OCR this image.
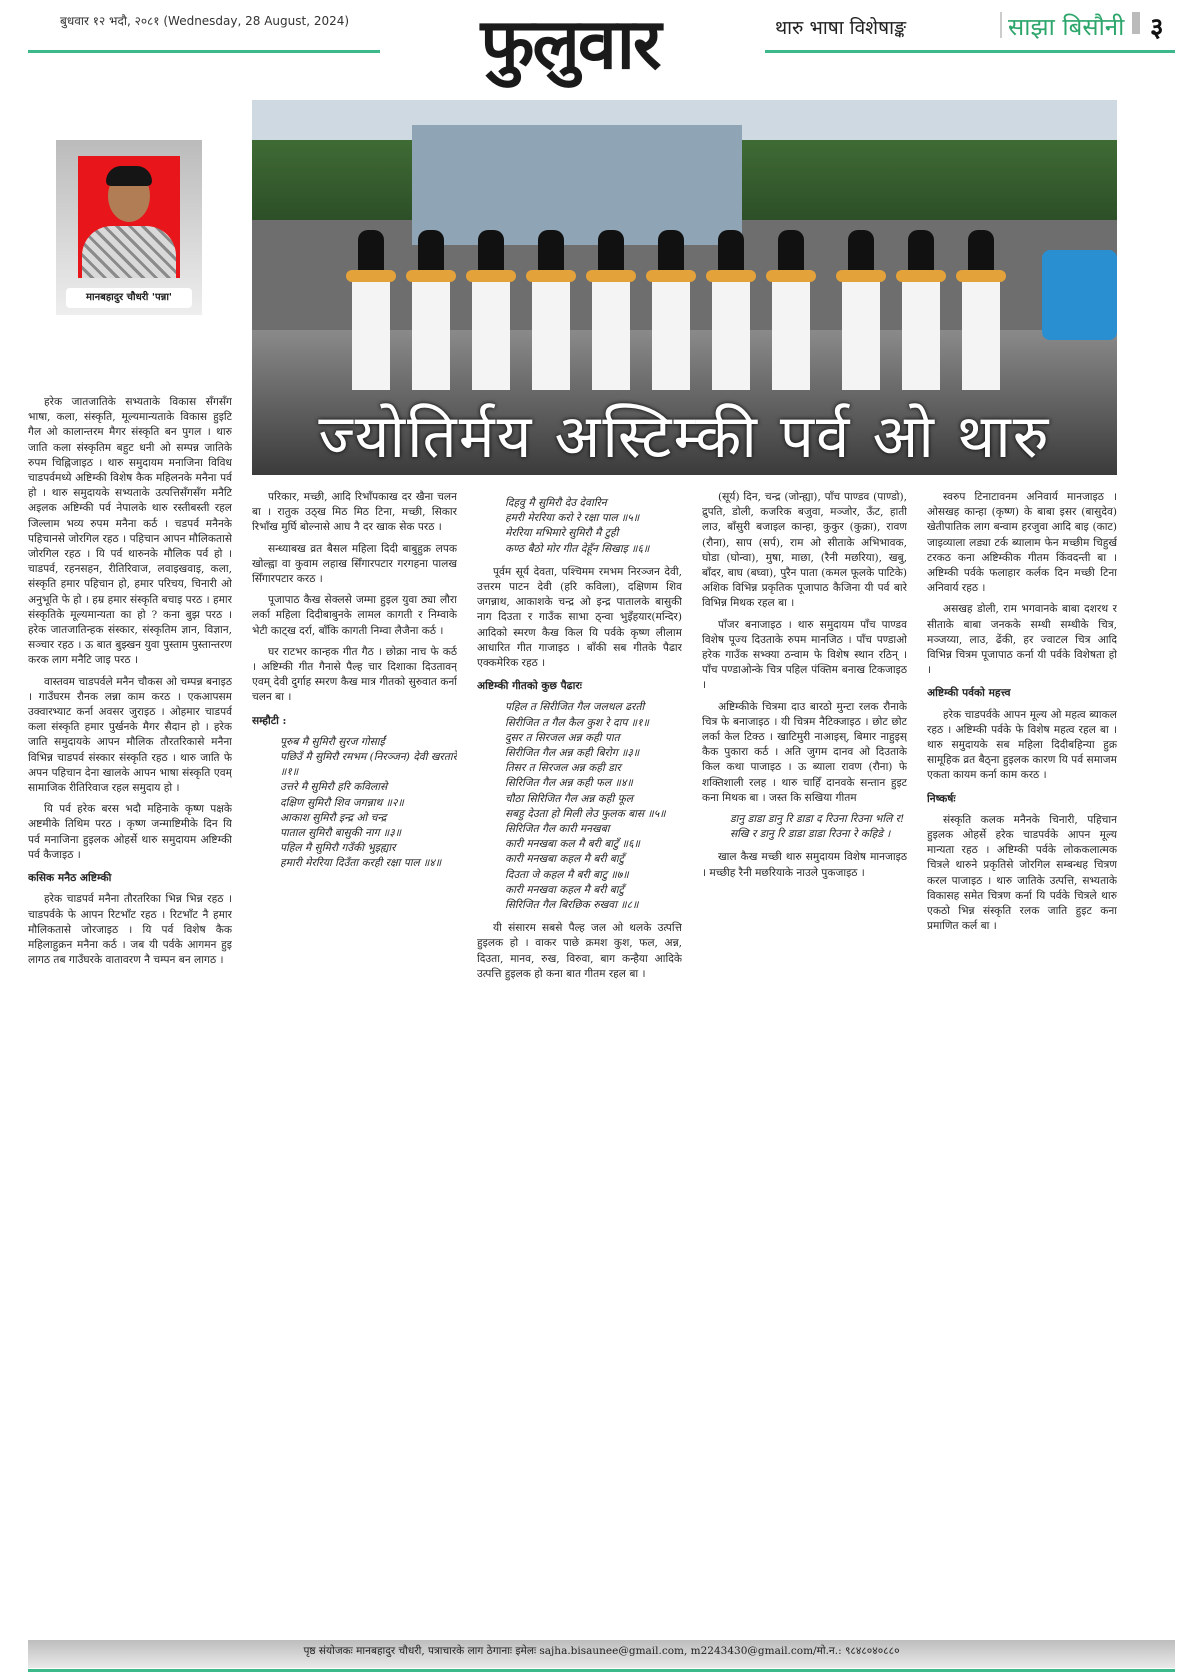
बुधवार १२ भदौ, २०८१ (Wednesday, 28 August, 2024)	फुलुवार	थारु भाषा विशेषाङ्क	साझा बिसौनी ३
मानबहादुर चौधरी 'पन्ना'
ज्योतिर्मय अस्टिम्की पर्व ओ थारु

हरेक जातजातिके सभ्यताके विकास सँगसँग भाषा, कला, संस्कृति, मूल्यमान्यताके विकास हुइटि गैल ओ कालान्तरम मैगर संस्कृति बन पुगल । थारु जाति कला संस्कृतिम बहुट धनी ओ सम्पन्न जातिके रुपम चिह्निजाइठ । थारु समुदायम मनाजिना विविध चाडपर्वमध्ये अष्टिम्की विशेष कैक महिलनके मनैना पर्व हो । थारु समुदायके सभ्यताके उत्पत्तिसँगसँग मनैटि अइलक अष्टिम्की पर्व नेपालके थारु रस्तीबस्ती रहल जिल्लाम भव्य रुपम मनैना कर्ठ । चडपर्व मनैनके पहिचानसे जोरगिल रहठ । पहिचान आपन मौलिकतासे जोरगिल रहठ । यि पर्व थारुनके मौलिक पर्व हो । चाडपर्व, रहनसहन, रीतिरिवाज, लवाइखवाइ, कला, संस्कृति हमार पहिचान हो, हमार परिचय, चिनारी ओ अनुभूति फे हो । हम्र हमार संस्कृति बचाइ परठ । हमार संस्कृतिके मूल्यमान्यता का हो ? कना बुझ परठ । हरेक जातजातिन्हक संस्कार, संस्कृतिम ज्ञान, विज्ञान, सञ्चार रहठ । ऊ बात बुझ्खन युवा पुस्ताम पुस्तान्तरण करक लाग मनैटि जाइ परठ ।

वास्तवम चाडपर्वले मनैन चौकस ओ चम्पन्न बनाइठ । गाउँघरम रौनक लन्ना काम करठ । एकआपसम उक्वारभ्याट कर्ना अवसर जुराइठ । ओहमार चाडपर्व कला संस्कृति हमार पुर्खनके मैगर सैदान हो । हरेक जाति समुदायके आपन मौलिक तौरतरिकासे मनैना विभिन्न चाडपर्व संस्कार संस्कृति रहठ । थारु जाति फे अपन पहिचान देना खालके आपन भाषा संस्कृति एवम् सामाजिक रीतिरिवाज रहल समुदाय हो ।

यि पर्व हरेक बरस भदौ महिनाके कृष्ण पक्षके अष्टमीके तिथिम परठ । कृष्ण जन्माष्टिमीके दिन यि पर्व मनाजिना हुइलक ओहर्से थारु समुदायम अष्टिम्की पर्व कैजाइठ ।

कसिक मनैठ अष्टिम्की

हरेक चाडपर्व मनैना तौरतरिका भिन्न भिन्न रहठ । चाडपर्वके फे आपन रिटभाँट रहठ । रिटभाँट नै हमार मौलिकतासे जोरजाइठ । यि पर्व विशेष कैक महिलाहुक्रन मनैना कर्ठ । जब यी पर्वके आगमन हुइ लागठ तब गाउँघरके वातावरण नै चम्पन बन लागठ ।

परिकार, मच्छी, आदि रिभाँपकाख दर खैना चलन बा । रातुक उठ्ख मिठ मिठ टिना, मच्छी, सिकार रिभाँख मुर्घि बोल्नासे आघ नै दर खाक सेक परठ ।

सन्ध्याबख व्रत बैसल महिला दिदी बाबुहुक्र लपक खोल्ह्वा वा कुवाम लहाख सिँगारपटार गरगहना पालख सिँगारपटार करठ ।

पूजापाठ कैख सेक्लसे जम्मा हुइल युवा ठ्या लौरा लर्का महिला दिदीबाबुनके लामल कागती र निम्वाके भेटी काट्ख दर्रा, बाँकि कागती निम्वा लैजैना कर्ठ ।

घर राटभर कान्हक गीत गैठ । छोक्रा नाच फे कर्ठ । अष्टिम्की गीत गैनासे पैल्ह चार दिशाका दिउतावन् एवम् देवी दुर्गाह स्मरण कैख मात्र गीतको सुरुवात कर्ना चलन बा ।

सम्हौटी :
पूरुब मै सुमिरौ सुरज गोसाईं
पछिउँ मै सुमिरौ रमभम (निरञ्जन) देवी खरतारे ॥१॥
उत्तरे मै सुमिरौ हरि कविलासे
दक्षिण सुमिरौ शिव जगन्नाथ ॥२॥
आकाश सुमिरौ इन्द्र ओ चन्द्र
पाताल सुमिरौ बासुकी नाग ॥३॥
पहिल मै सुमिरौ गउँकी भुइह्यार
हमारी मेररिया दिउँता करही रक्षा पाल ॥४॥
दिहवु मै सुमिरौ देउ देवारिन
हमरी मेररिया करो रे रक्षा पाल ॥५॥
मेररिया मभिमारे सुमिरौ मै टुही
कण्ठ बैठो मोर गीत देहूँन सिखाइ ॥६॥

पूर्वम सूर्य देवता, पश्चिमम रमभम निरञ्जन देवी, उत्तरम पाटन देवी (हरि कविला), दक्षिणम शिव जगन्नाथ, आकाशके चन्द्र ओ इन्द्र पातालके बासुकी नाग दिउता र गाउँक साभा ठ्न्वा भुइँहयार(मन्दिर) आदिको स्मरण कैख किल यि पर्वके कृष्ण लीलाम आधारित गीत गाजाइठ । बाँकी सब गीतके पैढार एक्कमेरिक रहठ ।

अष्टिम्की गीतको कुछ पैढारः
पहिल त सिरीजित गैल जलथल ढरती
सिरीजित त गैल कैल कुश रे दाप ॥१॥
दुसर त सिरजल अन्न कही पात
सिरीजित गैल अन्न कही बिरोग ॥३॥
तिसर त सिरजल अन्न कही डार
सिरिजित गैल अन्न कही फल ॥४॥
चौठा सिरिजित गैल अन्न कही फूल
सबहु देउता हो मिली लेउ फुलक बास ॥५॥
सिरिजित गैल कारी मनखबा
कारी मनखबा कल मै बरी बाटुँ ॥६॥
कारी मनखबा कहल मै बरी बाटुँ
दिउता जे कहल मै बरी बाटु ॥७॥
कारी मनखवा कहल मै बरी बाटुँ
सिरिजित गैल बिरछिक रुखवा ॥८॥

यी संसारम सबसे पैल्ह जल ओ थलके उत्पत्ति हुइलक हो । वाकर पाछे क्रमश कुश, फल, अन्न, दिउता, मानव, रुख, विरुवा, बाग कन्हैया आदिके उत्पत्ति हुइलक हो कना बात गीतम रहल बा ।

(सूर्य) दिन, चन्द्र (जोन्ह्या), पाँच पाण्डव (पाण्डो), द्रुपति, डोली, कजरिक बजुवा, मञ्जोर, ऊँट, हाती लाउ, बाँसुरी बजाइल कान्हा, कुकुर (कुक्रा), रावण (रौना), साप (सर्प), राम ओ सीताके अभिभावक, घोडा (घोन्वा), मुषा, माछा, (रैनी मछरिया), खबु, बाँदर, बाघ (बघ्वा), पुरैन पाता (कमल फूलके पाटिके) अशिक विभिन्न प्रकृतिक पूजापाठ कैजिना यी पर्व बारे विभिन्न मिथक रहल बा ।

पाँजर बनाजाइठ । थारु समुदायम पाँच पाण्डव विशेष पूज्य दिउताके रुपम मानजिठ । पाँच पण्डाओ हरेक गाउँक सभ्क्या ठन्वाम फे विशेष स्थान रठिन् । पाँच पण्डाओन्के चित्र पहिल पंक्तिम बनाख टिकजाइठ ।

अष्टिम्कीके चित्रमा दाउ बारठो मुन्टा रलक रौनाके चित्र फे बनाजाइठ । यी चित्रम नैटिक्जाइठ । छोट छोट लर्का केल टिक्ठ । खाटिमुरी नाआइस्, बिमार नाहुइस् कैक पुकारा कर्ठ । अति जुगम दानव ओ दिउताके किल कथा पाजाइठ । ऊ ब्याला रावण (रौना) फे शक्तिशाली रलह । थारु चाहिँ दानवके सन्तान हुइट कना मिथक बा । जस्त कि सखिया गीतम

डानु डाडा डानु रि डाडा द रिउना रिउना भलि र!
सखि र डानु रि डाडा डाडा रिउना रे कहिडे ।

खाल कैख मच्छी थारु समुदायम विशेष मानजाइठ । मच्छीह रैनी मछरियाके नाउले पुकजाइठ ।

स्वरुप टिनाटावनम अनिवार्य मानजाइठ । ओसखह कान्हा (कृष्ण) के बाबा इसर (बासुदेव) खेतीपातिक लाग बन्वाम हरजुवा आदि बाइ (काट) जाइव्याला लड्या टर्क ब्यालाम फेन मच्छीम चिहुर्ख टरकठ कना अष्टिम्कीक गीतम किंवदन्ती बा । अष्टिम्की पर्वके फलाहार कर्लक दिन मच्छी टिना अनिवार्य रहठ ।

असखह डोली, राम भगवानके बाबा दशरथ र सीताके बाबा जनकके सम्धी सम्धीके चित्र, मञ्जय्या, लाउ, ढेंकी, हर ज्वाटल चित्र आदि विभिन्न चित्रम पूजापाठ कर्ना यी पर्वके विशेषता हो ।

अष्टिम्की पर्वको महत्त्व

हरेक चाडपर्वके आपन मूल्य ओ महत्व ब्याकल रहठ । अष्टिम्की पर्वके फे विशेष महत्व रहल बा । थारु समुदायके सब महिला दिदीबहिन्या हुक्र सामूहिक व्रत बैठ्ना हुइलक कारण यि पर्व समाजम एकता कायम कर्ना काम करठ ।

निष्कर्षः

संस्कृति कलक मनैनके चिनारी, पहिचान हुइलक ओहर्से हरेक चाडपर्वके आपन मूल्य मान्यता रहठ । अष्टिम्की पर्वके लोककलात्मक चित्रले थारुने प्रकृतिसे जोरगिल सम्बन्धह चित्रण करल पाजाइठ । थारु जातिके उत्पत्ति, सभ्यताके विकासह समेत चित्रण कर्ना यि पर्वके चित्रले थारु एकठो भिन्न संस्कृति रलक जाति हुइट कना प्रमाणित कर्ल बा ।

पृष्ठ संयोजकः मानबहादुर चौधरी, पत्राचारके लाग ठेगानाः इमेलः sajha.bisaunee@gmail.com, m2243430@gmail.com/मो.न.: ९८४८०४०८८०
